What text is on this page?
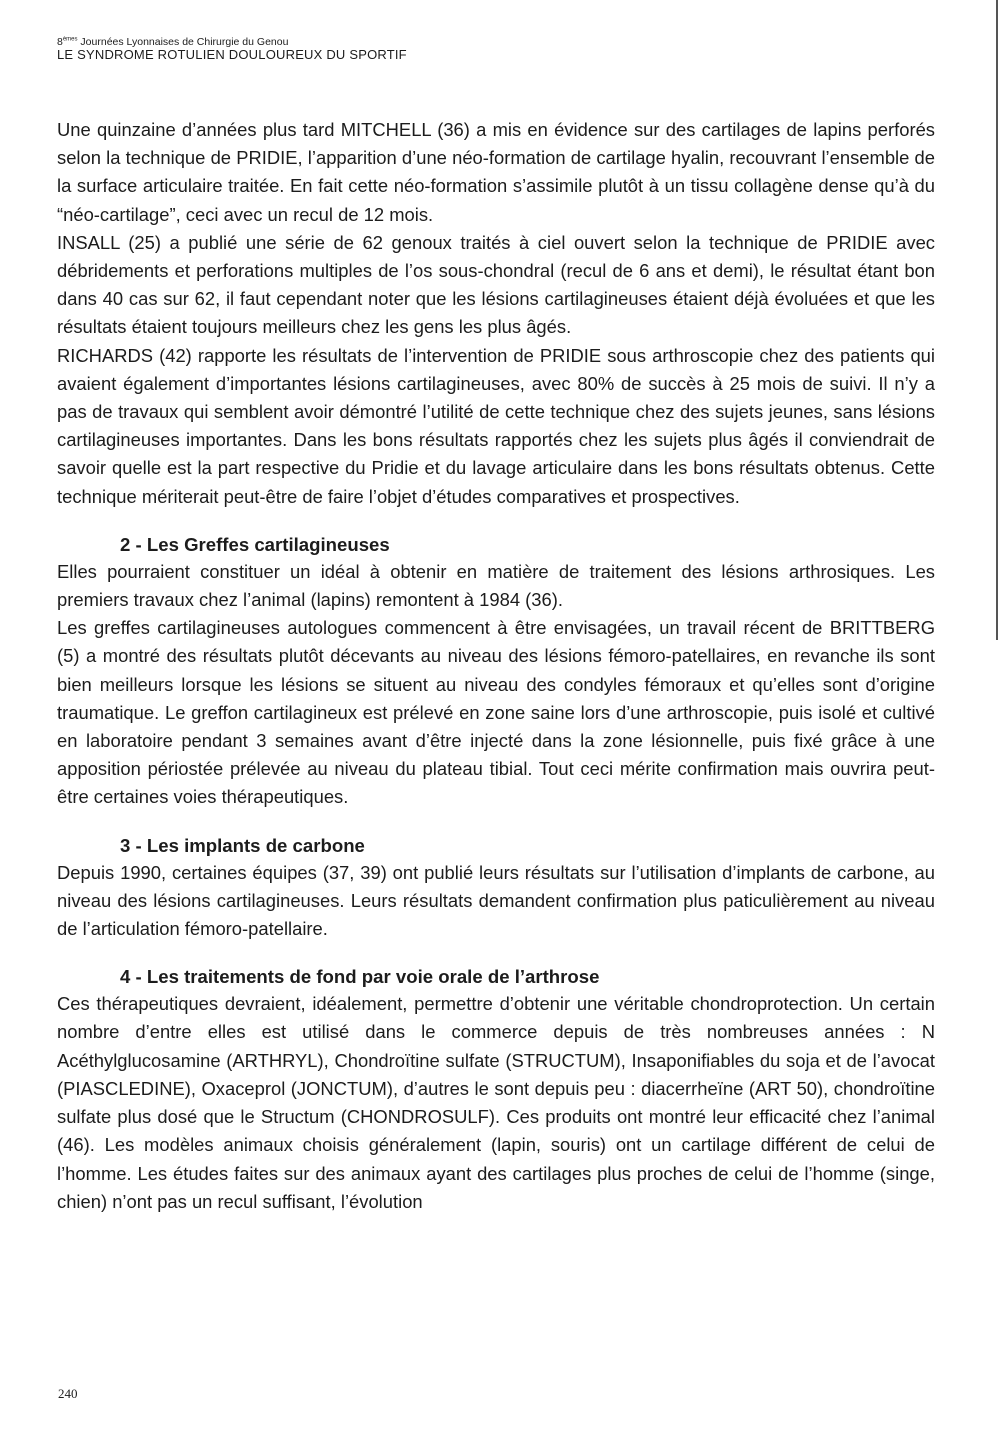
8èmes Journées Lyonnaises de Chirurgie du Genou
LE SYNDROME ROTULIEN DOULOUREUX DU SPORTIF

Une quinzaine d’années plus tard MITCHELL (36) a mis en évidence sur des cartilages de lapins perforés selon la technique de PRIDIE, l’apparition d’une néo-formation de cartilage hyalin, recouvrant l’ensemble de la surface articulaire traitée. En fait cette néo-formation s’assimile plutôt à un tissu collagène dense qu’à du “néo-cartilage”, ceci avec un recul de 12 mois.

INSALL (25) a publié une série de 62 genoux traités à ciel ouvert selon la technique de PRIDIE avec débridements et perforations multiples de l’os sous-chondral (recul de 6 ans et demi), le résultat étant bon dans 40 cas sur 62, il faut cependant noter que les lésions cartilagineuses étaient déjà évoluées et que les résultats étaient toujours meilleurs chez les gens les plus âgés.

RICHARDS (42) rapporte les résultats de l’intervention de PRIDIE sous arthroscopie chez des patients qui avaient également d’importantes lésions cartilagineuses, avec 80% de succès à 25 mois de suivi. Il n’y a pas de travaux qui semblent avoir démontré l’utilité de cette technique chez des sujets jeunes, sans lésions cartilagineuses importantes. Dans les bons résultats rapportés chez les sujets plus âgés il conviendrait de savoir quelle est la part respective du Pridie et du lavage articulaire dans les bons résultats obtenus. Cette technique mériterait peut-être de faire l’objet d’études comparatives et prospectives.

2 - Les Greffes cartilagineuses

Elles pourraient constituer un idéal à obtenir en matière de traitement des lésions arthrosiques. Les premiers travaux chez l’animal (lapins) remontent à 1984 (36).

Les greffes cartilagineuses autologues commencent à être envisagées, un travail récent de BRITTBERG (5) a montré des résultats plutôt décevants au niveau des lésions fémoro-patellaires, en revanche ils sont bien meilleurs lorsque les lésions se situent au niveau des condyles fémoraux et qu’elles sont d’origine traumatique. Le greffon cartilagineux est prélevé en zone saine lors d’une arthroscopie, puis isolé et cultivé en laboratoire pendant 3 semaines avant d’être injecté dans la zone lésionnelle, puis fixé grâce à une apposition périostée prélevée au niveau du plateau tibial. Tout ceci mérite confirmation mais ouvrira peut-être certaines voies thérapeutiques.

3 - Les implants de carbone

Depuis 1990, certaines équipes (37, 39) ont publié leurs résultats sur l’utilisation d’implants de carbone, au niveau des lésions cartilagineuses. Leurs résultats demandent confirmation plus paticulièrement au niveau de l’articulation fémoro-patellaire.

4 - Les traitements de fond par voie orale de l’arthrose

Ces thérapeutiques devraient, idéalement, permettre d’obtenir une véritable chondroprotection. Un certain nombre d’entre elles est utilisé dans le commerce depuis de très nombreuses années : N Acéthylglucosamine (ARTHRYL), Chondroïtine sulfate (STRUCTUM), Insaponifiables du soja et de l’avocat (PIASCLEDINE), Oxaceprol (JONCTUM), d’autres le sont depuis peu : diacerrheïne (ART 50), chondroïtine sulfate plus dosé que le Structum (CHONDROSULF). Ces produits ont montré leur efficacité chez l’animal (46). Les modèles animaux choisis généralement (lapin, souris) ont un cartilage différent de celui de l’homme. Les études faites sur des animaux ayant des cartilages plus proches de celui de l’homme (singe, chien) n’ont pas un recul suffisant, l’évolution

240
